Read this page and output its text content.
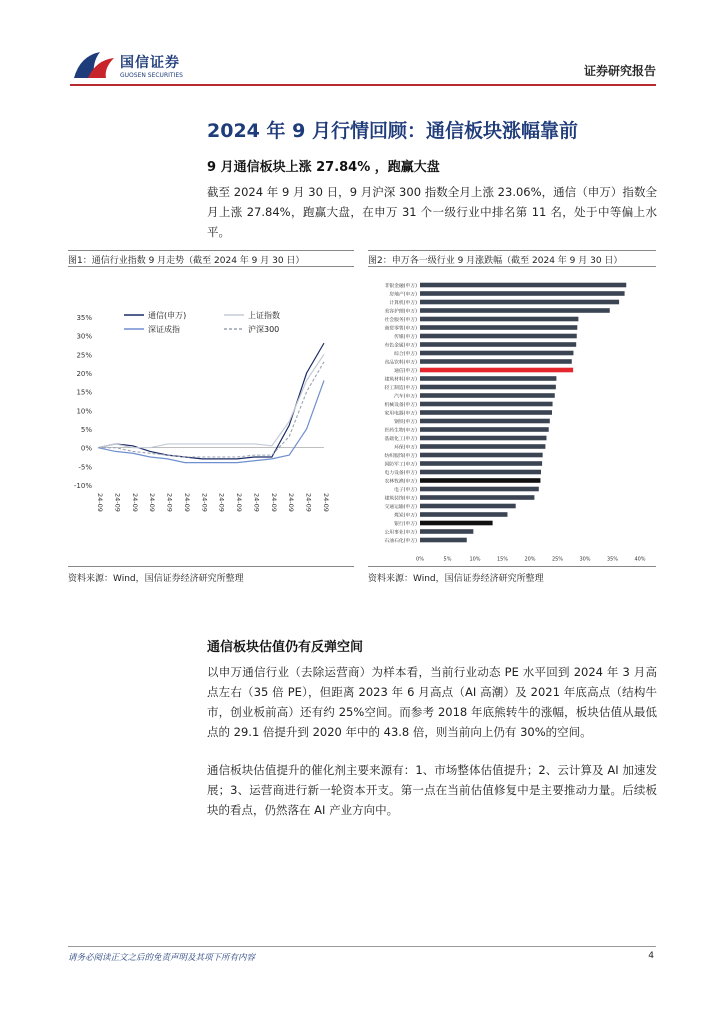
国信证券
GUOSEN SECURITIES	证券研究报告
2024 年 9 月行情回顾：通信板块涨幅靠前
9 月通信板块上涨 27.84% ，跑赢大盘
截至 2024 年 9 月 30 日，9 月沪深 300 指数全月上涨 23.06%，通信（申万）指数全月上涨 27.84%，跑赢大盘，在申万 31 个一级行业中排名第 11 名，处于中等偏上水平。
图1：通信行业指数 9 月走势（截至 2024 年 9 月 30 日）
35%
30%
25%
20%
15%
10%
5%
0%
-5%
-10%
24-09 24-09 24-09 24-09 24-09 24-09 24-09 24-09 24-09 24-09 24-09 24-09 24-09 24-09
通信(申万)	上证指数
深证成指	沪深300
资料来源：Wind，国信证券经济研究所整理
图2：申万各一级行业 9 月涨跌幅（截至 2024 年 9 月 30 日）
非银金融(申万)
房地产(申万)
计算机(申万)
美容护理(申万)
社会服务(申万)
商贸零售(申万)
传媒(申万)
有色金属(申万)
综合(申万)
食品饮料(申万)
通信(申万)
建筑材料(申万)
轻工制造(申万)
汽车(申万)
机械设备(申万)
家用电器(申万)
钢铁(申万)
医药生物(申万)
基础化工(申万)
环保(申万)
纺织服饰(申万)
国防军工(申万)
电力设备(申万)
农林牧渔(申万)
电子(申万)
建筑装饰(申万)
交通运输(申万)
煤炭(申万)
银行(申万)
公用事业(申万)
石油石化(申万)
0%	5%	10%	15%	20%	25%	30%	35%	40%
资料来源：Wind，国信证券经济研究所整理
通信板块估值仍有反弹空间
以申万通信行业（去除运营商）为样本看，当前行业动态 PE 水平回到 2024 年 3 月高点左右（35 倍 PE），但距离 2023 年 6 月高点（AI 高潮）及 2021 年底高点（结构牛市，创业板前高）还有约 25%空间。而参考 2018 年底熊转牛的涨幅，板块估值从最低点的 29.1 倍提升到 2020 年中的 43.8 倍，则当前向上仍有 30%的空间。
通信板块估值提升的催化剂主要来源有：1、市场整体估值提升；2、云计算及 AI 加速发展；3、运营商进行新一轮资本开支。第一点在当前估值修复中是主要推动力量。后续板块的看点，仍然落在 AI 产业方向中。
请务必阅读正文之后的免责声明及其项下所有内容	4
